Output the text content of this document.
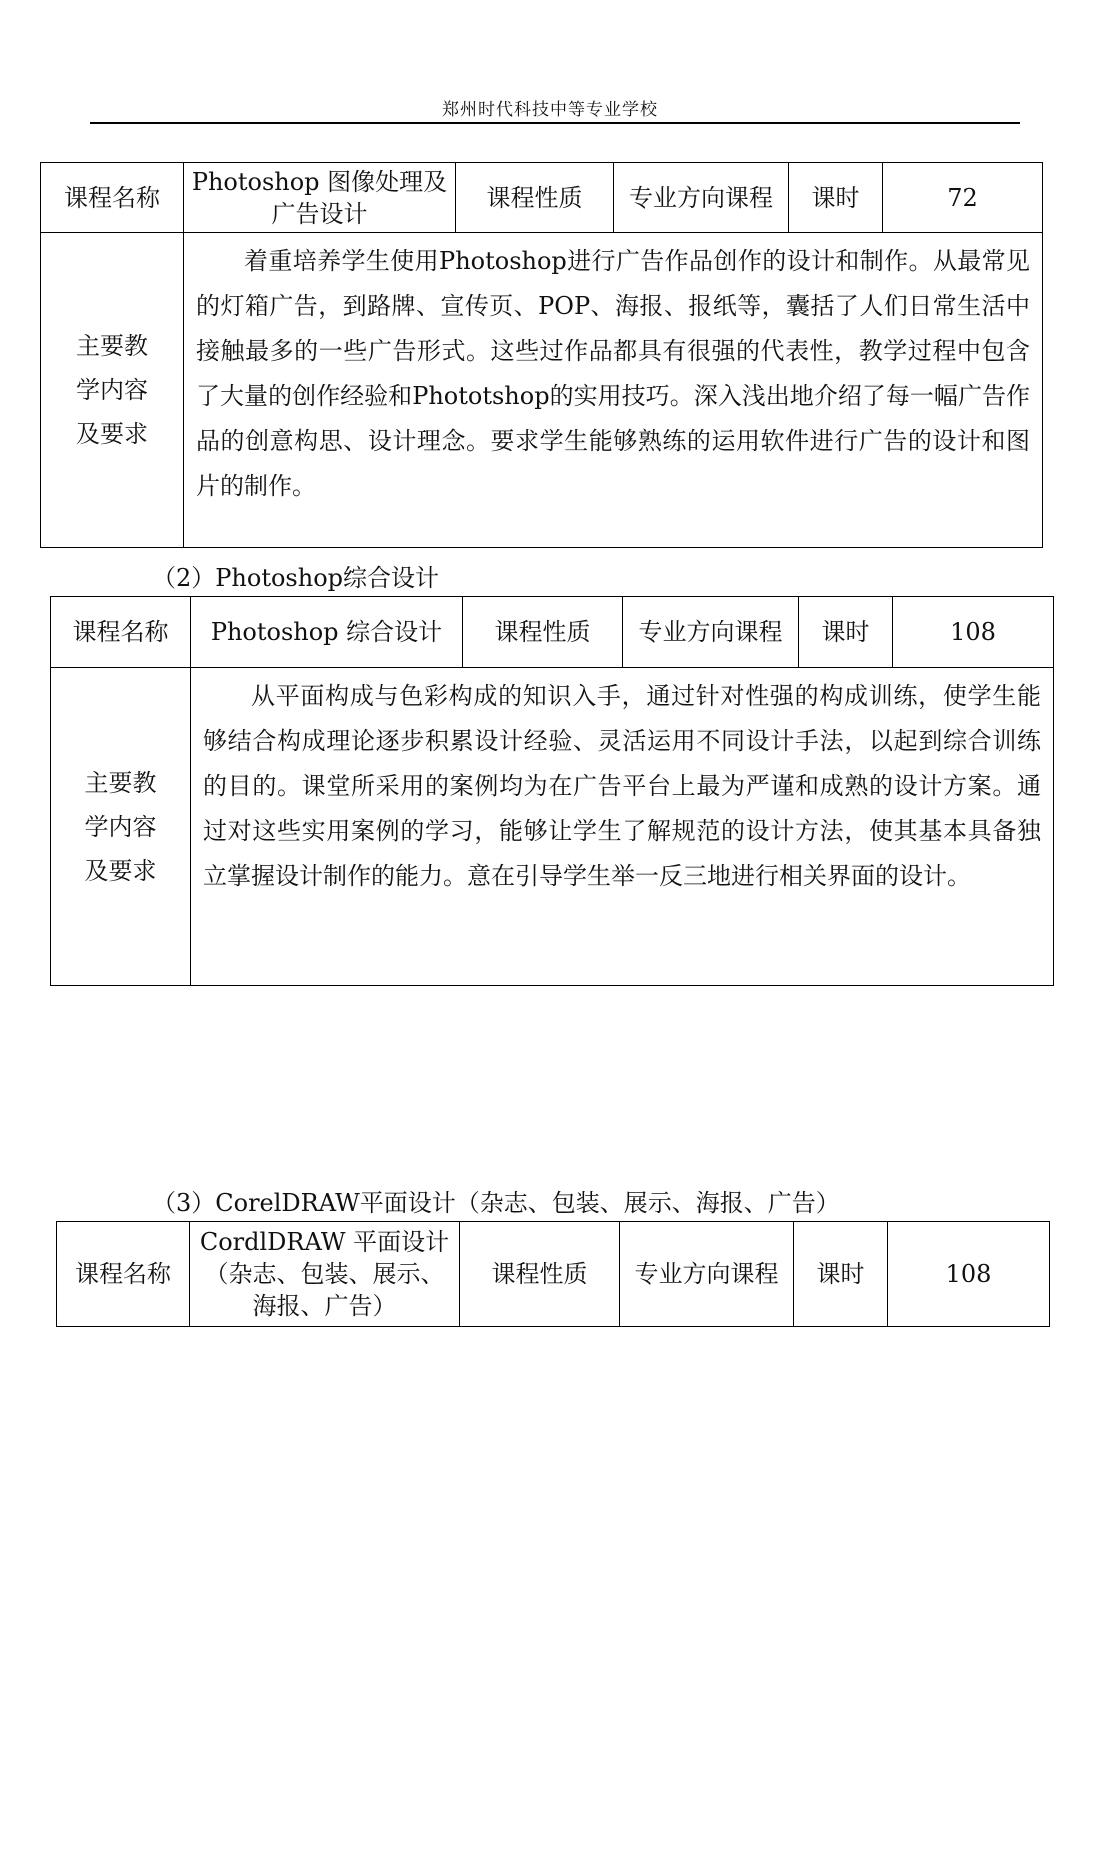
郑州时代科技中等专业学校
课程名称	Photoshop 图像处理及广告设计	课程性质	专业方向课程	课时	72
主要教
学内容
及要求	着重培养学生使用Photoshop进行广告作品创作的设计和制作。从最常见的灯箱广告，到路牌、宣传页、POP、海报、报纸等，囊括了人们日常生活中接触最多的一些广告形式。这些过作品都具有很强的代表性，教学过程中包含了大量的创作经验和Phototshop的实用技巧。深入浅出地介绍了每一幅广告作品的创意构思、设计理念。要求学生能够熟练的运用软件进行广告的设计和图片的制作。				
（2）Photoshop综合设计
课程名称	Photoshop 综合设计	课程性质	专业方向课程	课时	108
主要教
学内容
及要求	从平面构成与色彩构成的知识入手，通过针对性强的构成训练，使学生能够结合构成理论逐步积累设计经验、灵活运用不同设计手法，以起到综合训练的目的。课堂所采用的案例均为在广告平台上最为严谨和成熟的设计方案。通过对这些实用案例的学习，能够让学生了解规范的设计方法，使其基本具备独立掌握设计制作的能力。意在引导学生举一反三地进行相关界面的设计。				
（3）CorelDRAW平面设计（杂志、包装、展示、海报、广告）
课程名称	CordlDRAW 平面设计（杂志、包装、展示、海报、广告）	课程性质	专业方向课程	课时	108
